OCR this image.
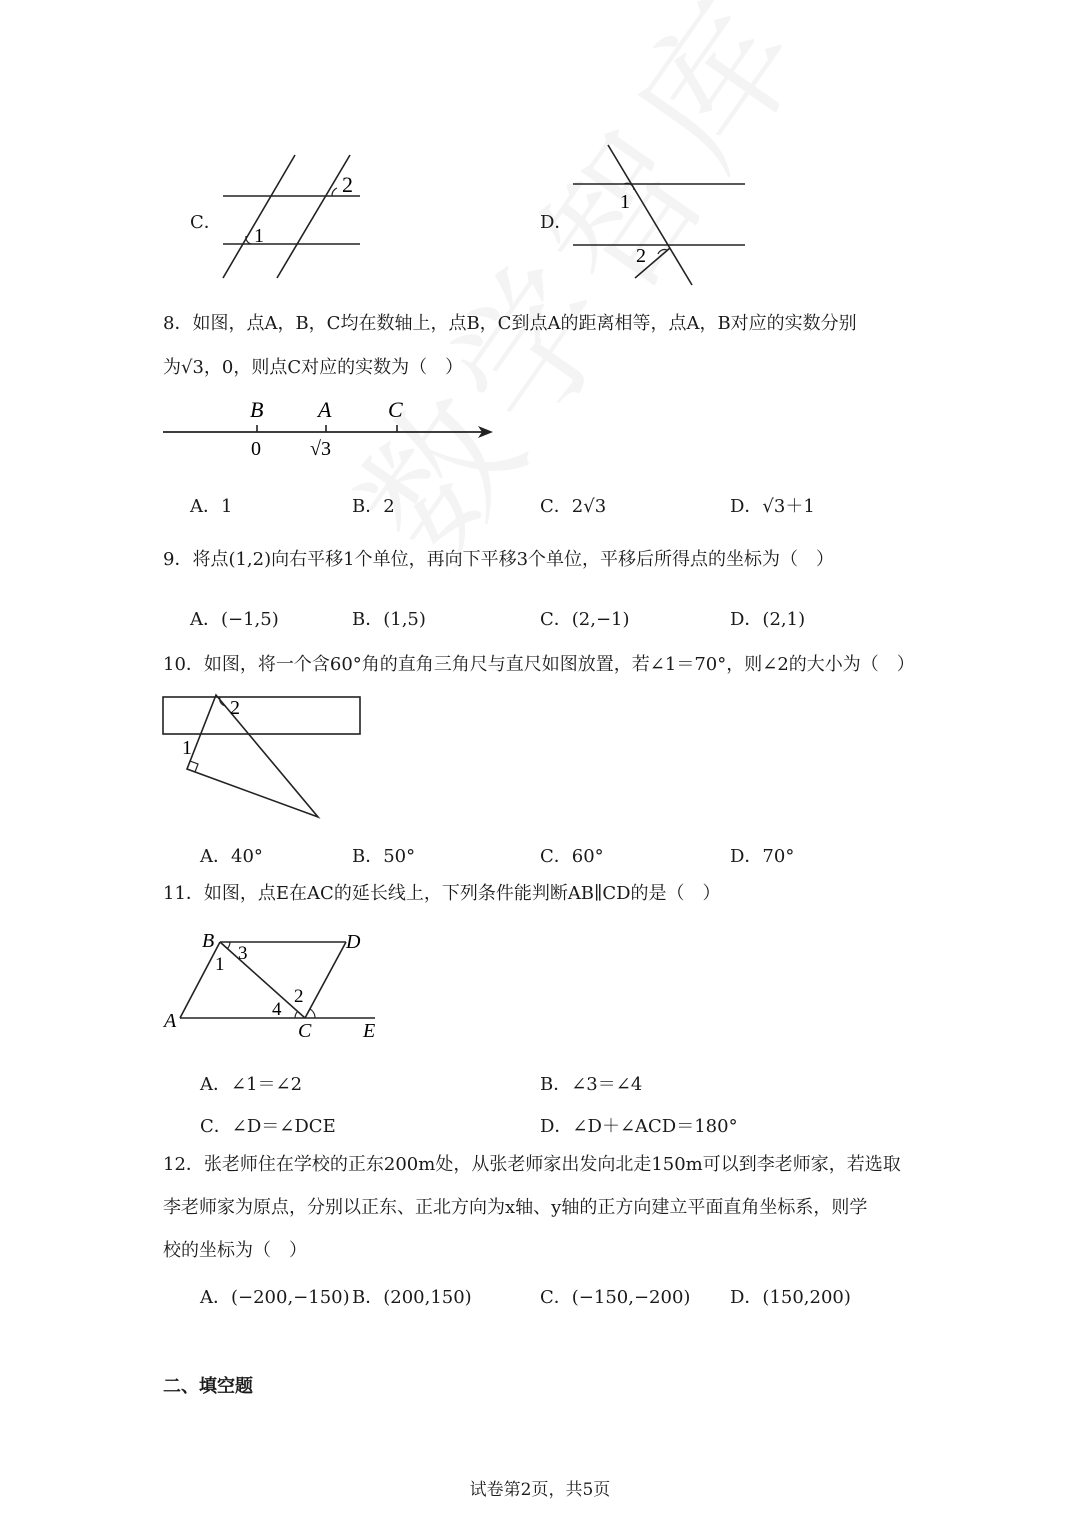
C．
1
2
D．
1
2
8．如图，点A，B，C均在数轴上，点B，C到点A的距离相等，点A，B对应的实数分别
为√3，0，则点C对应的实数为（　）
B A	C
0 √3
A．1	B．2	C．2√3	D．√3＋1
9．将点(1,2)向右平移1个单位，再向下平移3个单位，平移后所得点的坐标为（　）
A．(−1,5)	B．(1,5)	C．(2,−1)	D．(2,1)
10．如图，将一个含60°角的直角三角尺与直尺如图放置，若∠1＝70°，则∠2的大小为（　）
2
1
A．40°	B．50°	C．60°	D．70°
11．如图，点E在AC的延长线上，下列条件能判断AB∥CD的是（　）
B	D
A	C	E
1
3
4
2
A．∠1＝∠2	B．∠3＝∠4
C．∠D＝∠DCE	D．∠D＋∠ACD＝180°
12．张老师住在学校的正东200m处，从张老师家出发向北走150m可以到李老师家，若选取
李老师家为原点，分别以正东、正北方向为x轴、y轴的正方向建立平面直角坐标系，则学
校的坐标为（　）
A．(−200,−150) B．(200,150)	C．(−150,−200) D．(150,200)
二、填空题
试卷第2页，共5页
